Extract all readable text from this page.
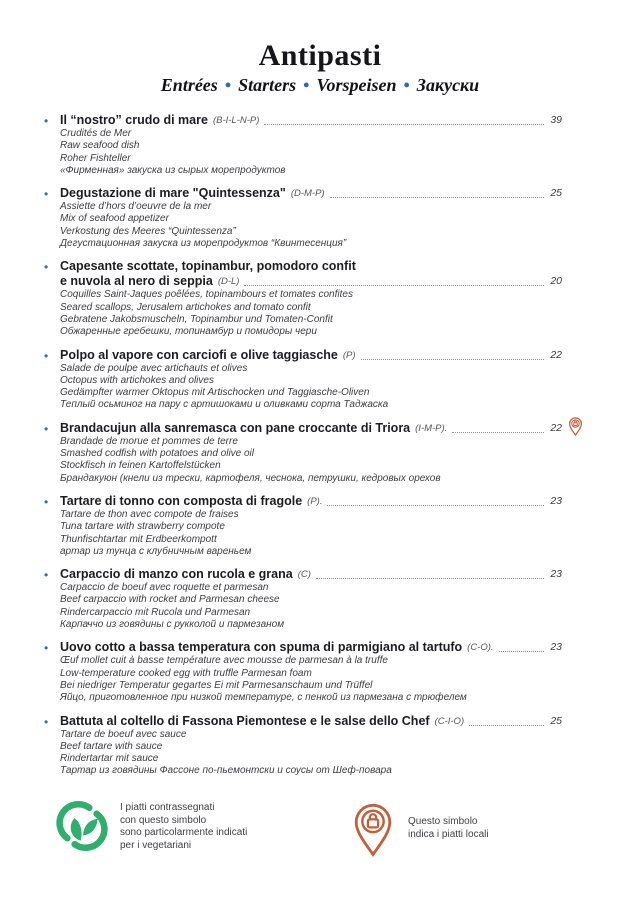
Antipasti
Entrées • Starters • Vorspeisen • Закуски
• Il “nostro” crudo di mare (B-I-L-N-P)	39
Crudités de Mer
Raw seafood dish
Roher Fishteller
«Фирменная» закуска из сырых морепродуктов
• Degustazione di mare "Quintessenza" (D-M-P)	25
Assiette d’hors d’oeuvre de la mer
Mix of seafood appetizer
Verkostung des Meeres “Quintessenza”
Дегустационная закуска из морепродуктов “Квинтесенция”
• Capesante scottate, topinambur, pomodoro confit
e nuvola al nero di seppia (D-L)	20
Coquilles Saint-Jaques poêlées, topinambours et tomates confites
Seared scallops, Jerusalem artichokes and tomato confit
Gebratene Jakobsmuscheln, Topinambur und Tomaten-Confit
Обжаренные гребешки, топинамбур и помидоры чери
• Polpo al vapore con carciofi e olive taggiasche (P)	22
Salade de poulpe avec artichauts et olives
Octopus with artichokes and olives
Gedämpfter warmer Oktopus mit Artischocken und Taggiasche-Oliven
Теплый осьминог на пару с артишоками и оливками сорта Таджаска
• Brandacujun alla sanremasca con pane croccante di Triora (I-M-P).	22
Brandade de morue et pommes de terre
Smashed codfish with potatoes and olive oil
Stockfisch in feinen Kartoffelstücken
Брандакуюн (кнели из трески, картофеля, чеснока, петрушки, кедровых орехов
• Tartare di tonno con composta di fragole (P).	23
Tartare de thon avec compote de fraises
Tuna tartare with strawberry compote
Thunfischtartar mit Erdbeerkompott
артар из тунца с клубничным вареньем
• Carpaccio di manzo con rucola e grana (C)	23
Carpaccio de boeuf avec roquette et parmesan
Beef carpaccio with rocket and Parmesan cheese
Rindercarpaccio mit Rucola und Parmesan
Карпаччо из говядины с рукколой и пармезаном
• Uovo cotto a bassa temperatura con spuma di parmigiano al tartufo (C-O).	23
Œuf mollet cuit à basse température avec mousse de parmesan à la truffe
Low-temperature cooked egg with truffle Parmesan foam
Bei niedriger Temperatur gegartes Ei mit Parmesanschaum und Trüffel
Яйцо, приготовленное при низкой температуре, с пенкой из пармезана с трюфелем
• Battuta al coltello di Fassona Piemontese e le salse dello Chef (C-I-O)	25
Tartare de boeuf avec sauce
Beef tartare with sauce
Rindertartar mit sauce
Тартар из говядины Фассоне по-пьемонтски и соусы от Шеф-повара
I piatti contrassegnati
con questo simbolo
sono particolarmente indicati
per i vegetariani
Questo simbolo
indica i piatti locali
